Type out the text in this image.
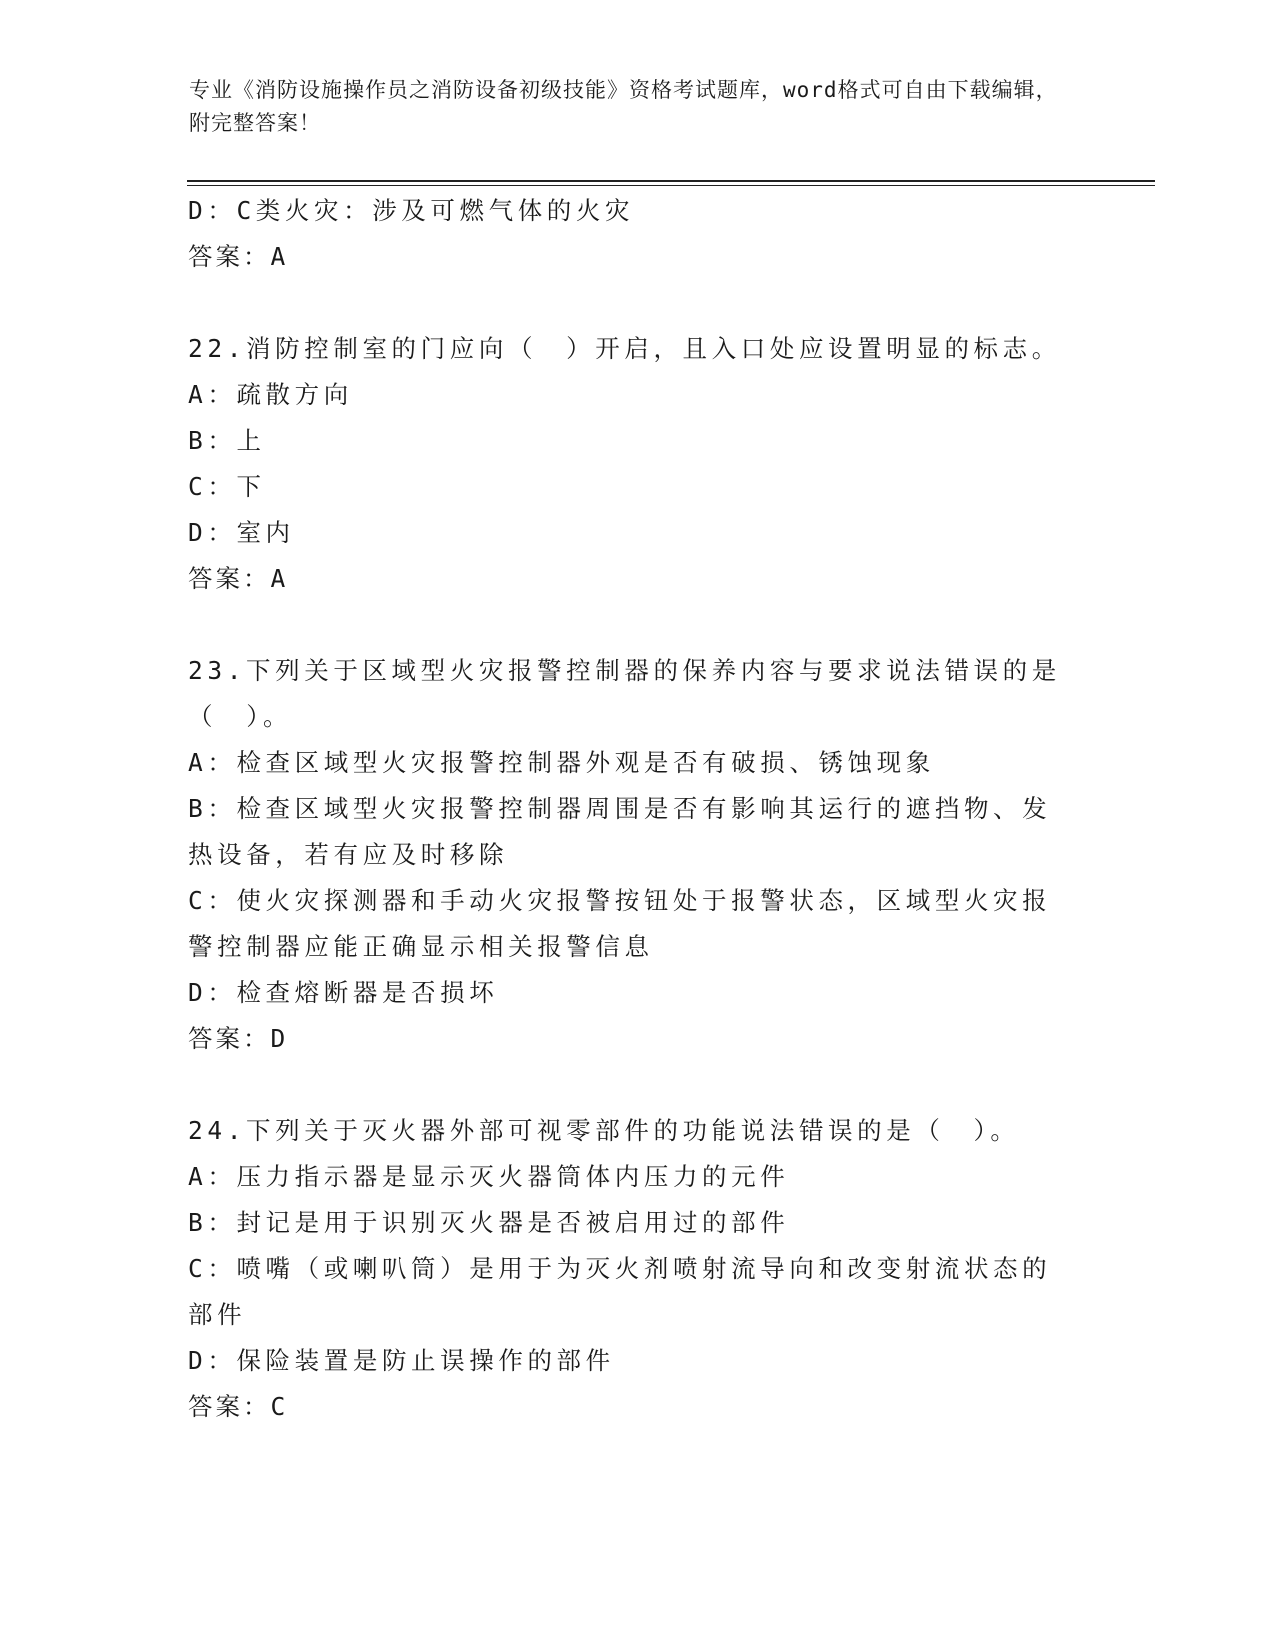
专业《消防设施操作员之消防设备初级技能》资格考试题库，word格式可自由下载编辑，附完整答案！
D：C类火灾：涉及可燃气体的火灾
答案：A
22.消防控制室的门应向（　）开启，且入口处应设置明显的标志。
A：疏散方向
B：上
C：下
D：室内
答案：A
23.下列关于区域型火灾报警控制器的保养内容与要求说法错误的是（　）。
A：检查区域型火灾报警控制器外观是否有破损、锈蚀现象
B：检查区域型火灾报警控制器周围是否有影响其运行的遮挡物、发热设备，若有应及时移除
C：使火灾探测器和手动火灾报警按钮处于报警状态，区域型火灾报警控制器应能正确显示相关报警信息
D：检查熔断器是否损坏
答案：D
24.下列关于灭火器外部可视零部件的功能说法错误的是（　）。
A：压力指示器是显示灭火器筒体内压力的元件
B：封记是用于识别灭火器是否被启用过的部件
C：喷嘴（或喇叭筒）是用于为灭火剂喷射流导向和改变射流状态的部件
D：保险装置是防止误操作的部件
答案：C
